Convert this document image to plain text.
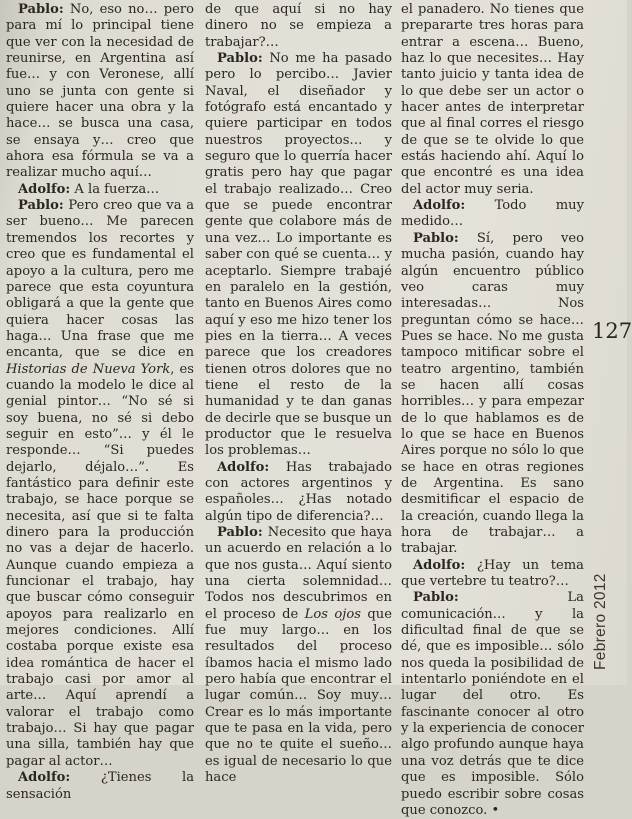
Pablo: No, eso no… pero para mí lo principal tiene que ver con la necesidad de reunirse, en Argentina así fue… y con Veronese, allí uno se junta con gente si quiere hacer una obra y la hace… se busca una casa, se ensaya y… creo que ahora esa fórmula se va a realizar mucho aquí…

Adolfo: A la fuerza…

Pablo: Pero creo que va a ser bueno… Me parecen tremendos los recortes y creo que es fundamental el apoyo a la cultura, pero me parece que esta coyuntura obligará a que la gente que quiera hacer cosas las haga… Una frase que me encanta, que se dice en Historias de Nueva York, es cuando la modelo le dice al genial pintor… “No sé si soy buena, no sé si debo seguir en esto”… y él le responde… “Si puedes dejarlo, déjalo…”. Es fantástico para definir este trabajo, se hace porque se necesita, así que si te falta dinero para la producción no vas a dejar de hacerlo. Aunque cuando empieza a funcionar el trabajo, hay que buscar cómo conseguir apoyos para realizarlo en mejores condiciones. Allí costaba porque existe esa idea romántica de hacer el trabajo casi por amor al arte… Aquí aprendí a valorar el trabajo como trabajo… Si hay que pagar una silla, también hay que pagar al actor…

Adolfo: ¿Tienes la sensación

de que aquí si no hay dinero no se empieza a trabajar?…

Pablo: No me ha pasado pero lo percibo… Javier Naval, el diseñador y fotógrafo está encantado y quiere participar en todos nuestros proyectos… y seguro que lo querría hacer gratis pero hay que pagar el trabajo realizado… Creo que se puede encontrar gente que colabore más de una vez… Lo importante es saber con qué se cuenta… y aceptarlo. Siempre trabajé en paralelo en la gestión, tanto en Buenos Aires como aquí y eso me hizo tener los pies en la tierra… A veces parece que los creadores tienen otros dolores que no tiene el resto de la humanidad y te dan ganas de decirle que se busque un productor que le resuelva los problemas…

Adolfo: Has trabajado con actores argentinos y españoles… ¿Has notado algún tipo de diferencia?…

Pablo: Necesito que haya un acuerdo en relación a lo que nos gusta… Aquí siento una cierta solemnidad… Todos nos descubrimos en el proceso de Los ojos que fue muy largo… en los resultados del proceso íbamos hacia el mismo lado pero había que encontrar el lugar común… Soy muy… Crear es lo más importante que te pasa en la vida, pero que no te quite el sueño… es igual de necesario lo que hace

el panadero. No tienes que prepararte tres horas para entrar a escena… Bueno, haz lo que necesites… Hay tanto juicio y tanta idea de lo que debe ser un actor o hacer antes de interpretar que al final corres el riesgo de que se te olvide lo que estás haciendo ahí. Aquí lo que encontré es una idea del actor muy seria.

Adolfo: Todo muy medido…

Pablo: Sí, pero veo mucha pasión, cuando hay algún encuentro público veo caras muy interesadas… Nos preguntan cómo se hace… Pues se hace. No me gusta tampoco mitificar sobre el teatro argentino, también se hacen allí cosas horribles… y para empezar de lo que hablamos es de lo que se hace en Buenos Aires porque no sólo lo que se hace en otras regiones de Argentina. Es sano desmitificar el espacio de la creación, cuando llega la hora de trabajar… a trabajar.

Adolfo: ¿Hay un tema que vertebre tu teatro?…

Pablo:	La comunicación… y la dificultad final de que se dé, que es imposible… sólo nos queda la posibilidad de intentarlo poniéndote en el lugar del otro. Es fascinante conocer al otro y la experiencia de conocer algo profundo aunque haya una voz detrás que te dice que es imposible. Sólo puedo escribir sobre cosas que conozco. •

127
Febrero 2012
